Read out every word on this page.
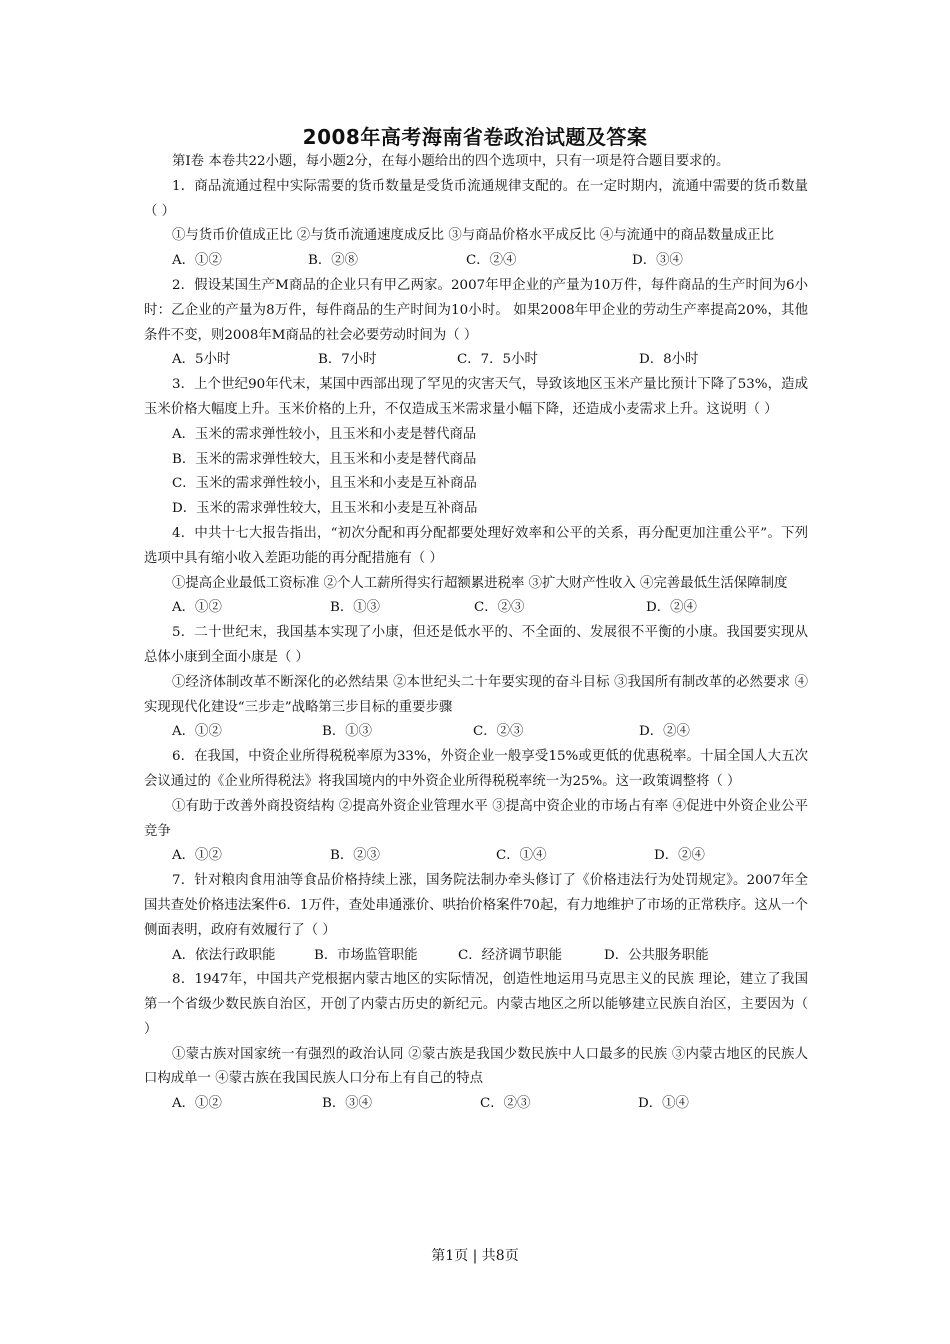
2008年高考海南省卷政治试题及答案

第Ⅰ卷 本卷共22小题，每小题2分，在每小题给出的四个选项中，只有一项是符合题目要求的。

1．商品流通过程中实际需要的货币数量是受货币流通规律支配的。在一定时期内，流通中需要的货币数量（ ）

①与货币价值成正比 ②与货币流通速度成反比 ③与商品价格水平成反比 ④与流通中的商品数量成正比

A．①②	B．②⑧	C．②④	D．③④

2．假设某国生产M商品的企业只有甲乙两家。2007年甲企业的产量为10万件，每件商品的生产时间为6小时：乙企业的产量为8万件，每件商品的生产时间为10小时。 如果2008年甲企业的劳动生产率提高20%，其他条件不变，则2008年M商品的社会必要劳动时间为（ ）

A．5小时	B．7小时	C．7．5小时	D．8小时

3．上个世纪90年代末，某国中西部出现了罕见的灾害天气，导致该地区玉米产量比预计下降了53%，造成玉米价格大幅度上升。玉米价格的上升，不仅造成玉米需求量小幅下降，还造成小麦需求上升。这说明（ ）

A．玉米的需求弹性较小，且玉米和小麦是替代商品

B．玉米的需求弹性较大，且玉米和小麦是替代商品

C．玉米的需求弹性较小，且玉米和小麦是互补商品

D．玉米的需求弹性较大，且玉米和小麦是互补商品

4．中共十七大报告指出，“初次分配和再分配都要处理好效率和公平的关系，再分配更加注重公平”。下列选项中具有缩小收入差距功能的再分配措施有（ ）

①提高企业最低工资标准 ②个人工薪所得实行超额累进税率 ③扩大财产性收入 ④完善最低生活保障制度

A．①②	B．①③	C．②③	D．②④

5．二十世纪末，我国基本实现了小康，但还是低水平的、不全面的、发展很不平衡的小康。我国要实现从总体小康到全面小康是（ ）

①经济体制改革不断深化的必然结果 ②本世纪头二十年要实现的奋斗目标 ③我国所有制改革的必然要求 ④实现现代化建设“三步走”战略第三步目标的重要步骤

A．①②	B．①③	C．②③	D．②④

6．在我国，中资企业所得税税率原为33%，外资企业一般享受15%或更低的优惠税率。十届全国人大五次会议通过的《企业所得税法》将我国境内的中外资企业所得税税率统一为25%。这一政策调整将（ ）

①有助于改善外商投资结构 ②提高外资企业管理水平 ③提高中资企业的市场占有率 ④促进中外资企业公平竞争

A．①②	B．②③	C．①④	D．②④

7．针对粮肉食用油等食品价格持续上涨，国务院法制办牵头修订了《价格违法行为处罚规定》。2007年全国共查处价格违法案件6．1万件，查处串通涨价、哄抬价格案件70起，有力地维护了市场的正常秩序。这从一个侧面表明，政府有效履行了（ ）

A．依法行政职能	B．市场监管职能	C．经济调节职能	D．公共服务职能

8．1947年，中国共产党根据内蒙古地区的实际情况，创造性地运用马克思主义的民族 理论，建立了我国第一个省级少数民族自治区，开创了内蒙古历史的新纪元。内蒙古地区之所以能够建立民族自治区，主要因为（ ）

①蒙古族对国家统一有强烈的政治认同 ②蒙古族是我国少数民族中人口最多的民族 ③内蒙古地区的民族人口构成单一 ④蒙古族在我国民族人口分布上有自己的特点

A．①②	B．③④	C．②③	D．①④
第1页 | 共8页
